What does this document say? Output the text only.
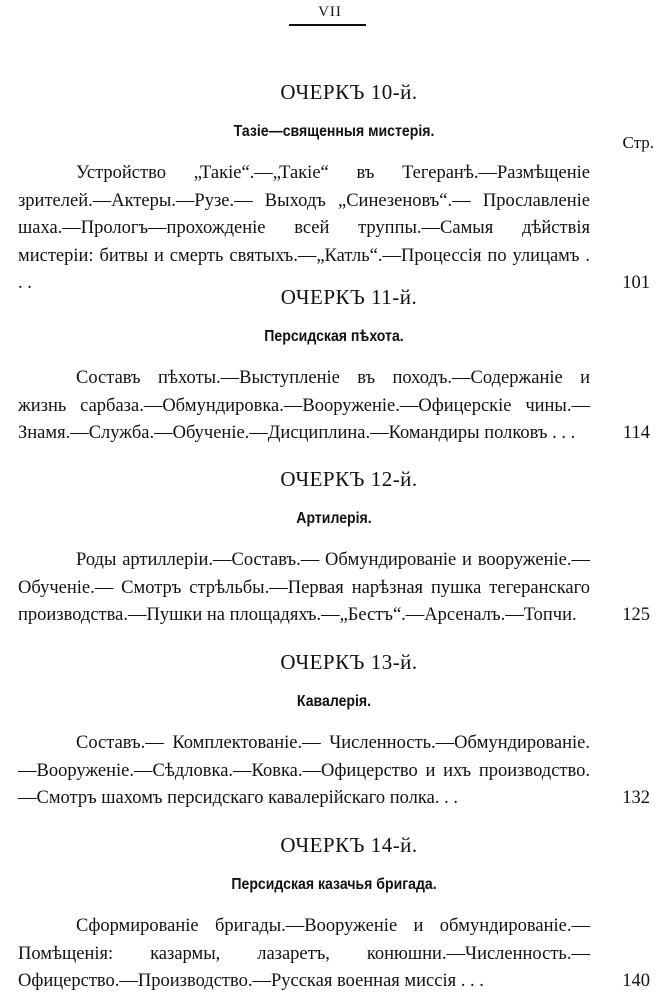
VII
Стр.
ОЧЕРКЪ 10-й.
Тазіе—священныя мистерія.
Устройство „Такіе“.—„Такіе“ въ Тегеранѣ.—Размѣщеніе зрителей.—Актеры.—Рузе.— Выходъ „Синезеновъ“.— Прославленіе шаха.—Прологъ—прохожденіе всей труппы.—Самыя дѣйствія мистеріи: битвы и смерть святыхъ.—„Катль“.—Процессія по улицамъ . . .	101
ОЧЕРКЪ 11-й.
Персидская пѣхота.
Составъ пѣхоты.—Выступленіе въ походъ.—Содержаніе и жизнь сарбаза.—Обмундировка.—Вооруженіе.—Офицерскіе чины.—Знамя.—Служба.—Обученіе.—Дисциплина.—Командиры полковъ . . .	114
ОЧЕРКЪ 12-й.
Артилерія.
Роды артиллеріи.—Составъ.— Обмундированіе и вооруженіе.— Обученіе.— Смотръ стрѣльбы.—Первая нарѣзная пушка тегеранскаго производства.—Пушки на площадяхъ.—„Бестъ“.—Арсеналъ.—Топчи.	125
ОЧЕРКЪ 13-й.
Кавалерія.
Составъ.— Комплектованіе.— Численность.—Обмундированіе.—Вооруженіе.—Сѣдловка.—Ковка.—Офицерство и ихъ производство.—Смотръ шахомъ персидскаго кавалерійскаго полка. . .	132
ОЧЕРКЪ 14-й.
Персидская казачья бригада.
Сформированіе бригады.—Вооруженіе и обмундированіе.—Помѣщенія: казармы, лазаретъ, конюшни.—Численность.— Офицерство.—Производство.—Русская военная миссія . . .	140
